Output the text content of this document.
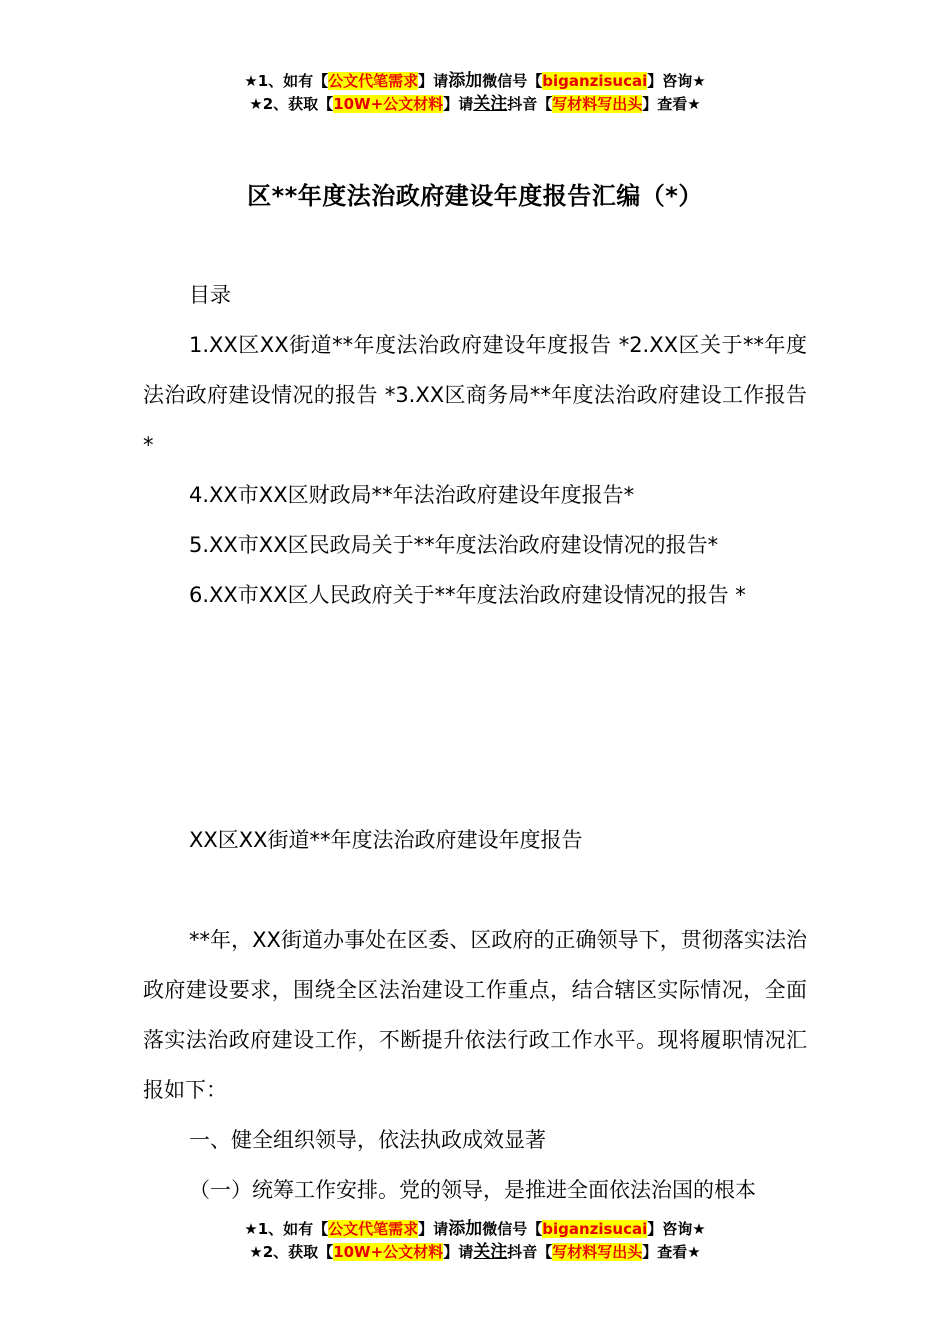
★1、如有【公文代笔需求】请添加微信号【biganzisucai】咨询★
★2、获取【10W+公文材料】请关注抖音【写材料写出头】查看★
区**年度法治政府建设年度报告汇编（*）

目录

1.XX区XX街道**年度法治政府建设年度报告 *2.XX区关于**年度法治政府建设情况的报告 *3.XX区商务局**年度法治政府建设工作报告 *

4.XX市XX区财政局**年法治政府建设年度报告*

5.XX市XX区民政局关于**年度法治政府建设情况的报告*

6.XX市XX区人民政府关于**年度法治政府建设情况的报告 *

XX区XX街道**年度法治政府建设年度报告

**年，XX街道办事处在区委、区政府的正确领导下，贯彻落实法治政府建设要求，围绕全区法治建设工作重点，结合辖区实际情况，全面落实法治政府建设工作，不断提升依法行政工作水平。现将履职情况汇报如下：

一、健全组织领导，依法执政成效显著

（一）统筹工作安排。党的领导，是推进全面依法治国的根本

★1、如有【公文代笔需求】请添加微信号【biganzisucai】咨询★
★2、获取【10W+公文材料】请关注抖音【写材料写出头】查看★
